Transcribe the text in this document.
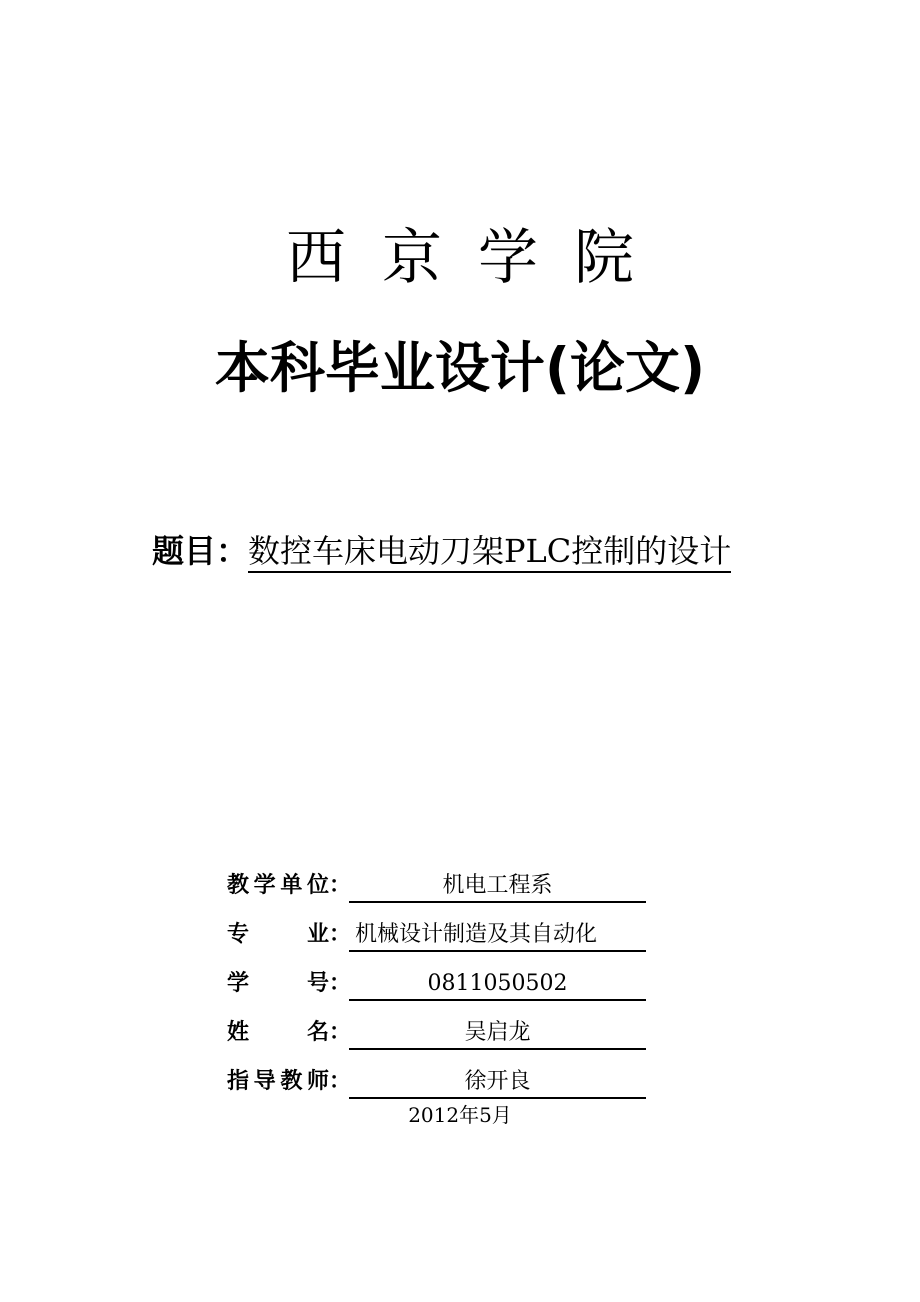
西京学院
本科毕业设计(论文)
题目：数控车床电动刀架PLC控制的设计
教 学 单 位 ：	机电工程系
专	业 ： 机械设计制造及其自动化
学	号 ：	0811050502
姓	名 ：	吴启龙
指 导 教 师 ：	徐开良
2012年5月
